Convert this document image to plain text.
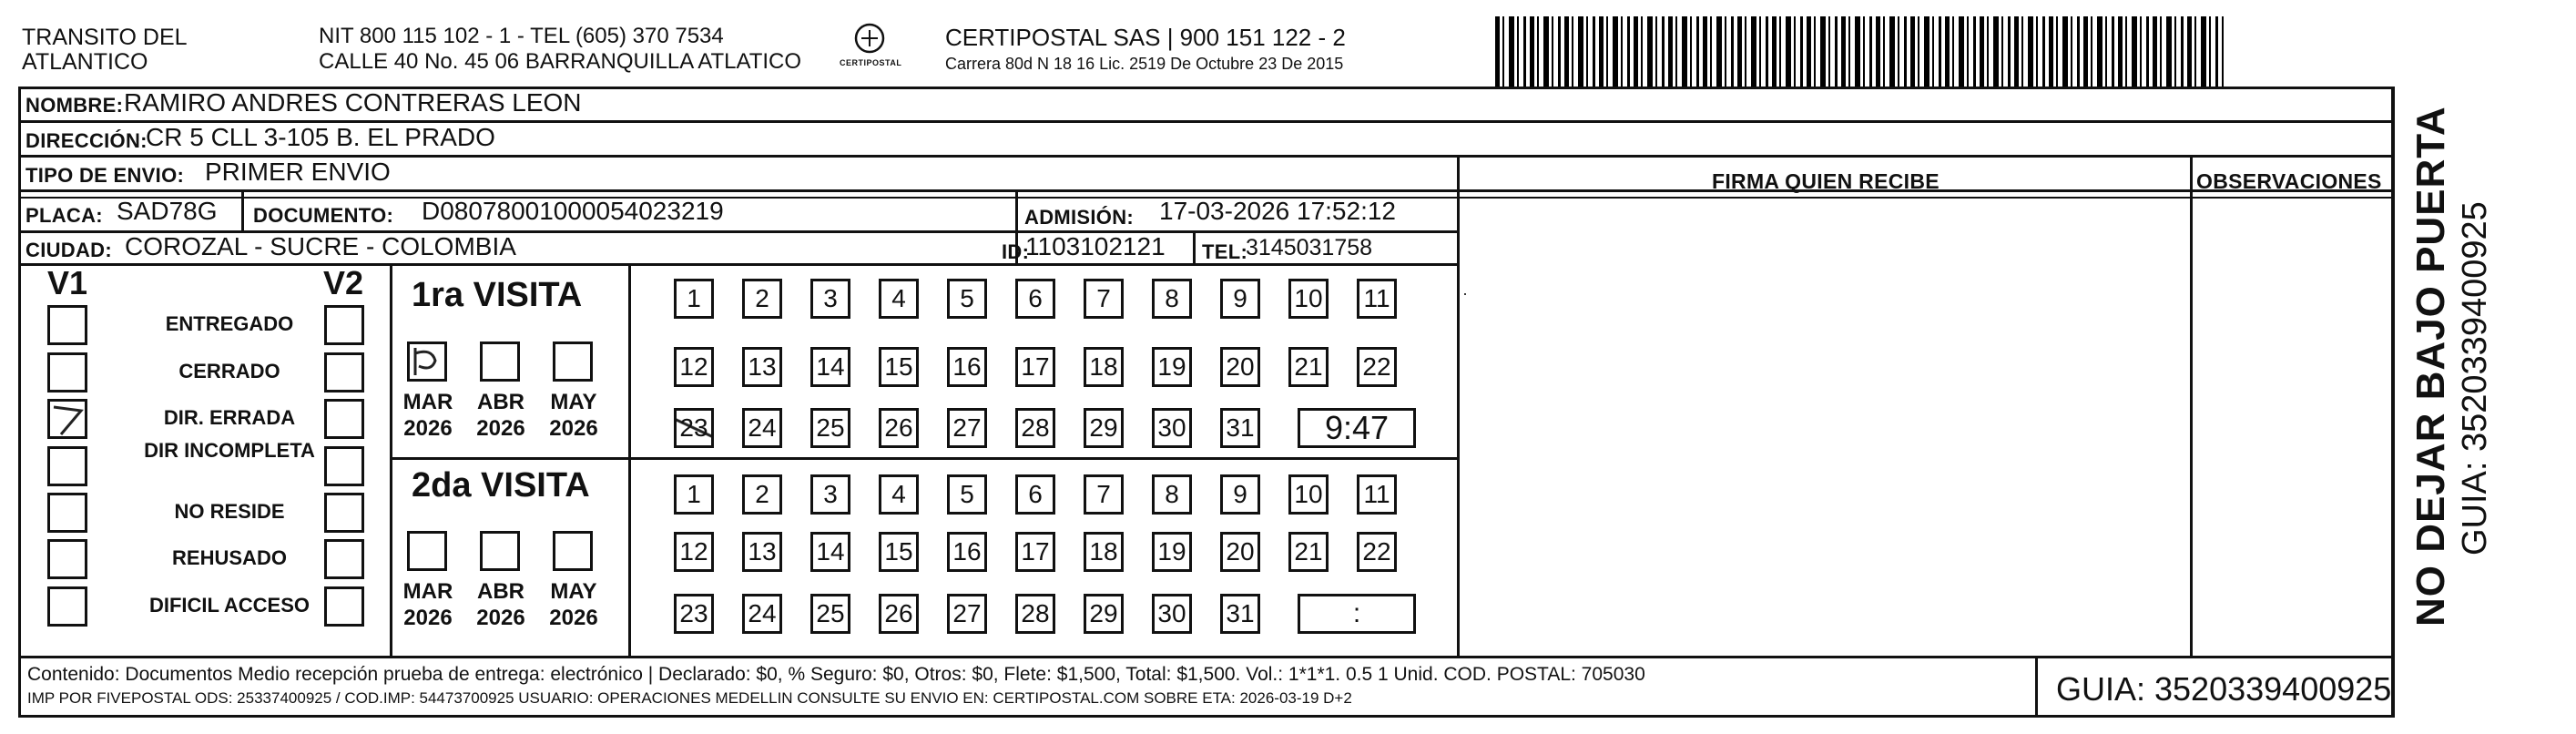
TRANSITO DEL
ATLANTICO
NIT 800 115 102 - 1 - TEL (605) 370 7534
CALLE 40 No. 45 06 BARRANQUILLA ATLATICO	CERTIPOSTAL
CERTIPOSTAL SAS | 900 151 122 - 2
Carrera 80d N 18 16 Lic. 2519 De Octubre 23 De 2015
NOMBRE: RAMIRO ANDRES CONTRERAS LEON
DIRECCIÓN:
CR 5 CLL 3-105 B. EL PRADO
TIPO DE ENVIO: PRIMER ENVIO
PLACA: SAD78G DOCUMENTO: D08078001000054023219	ADMISIÓN: 17-03-2026 17:52:12
CIUDAD: COROZAL - SUCRE - COLOMBIA	ID:
1103102121 TEL:
3145031758
FIRMA QUIEN RECIBE	OBSERVACIONES
·
V1	V2
ENTREGADO
CERRADO
DIR. ERRADA
DIR INCOMPLETA
NO RESIDE
REHUSADO
DIFICIL ACCESO
1ra VISITA
2da VISITA
MAR
2026
ABR
2026
MAY
2026
MAR
2026
ABR
2026
MAY
2026
1	2	3	4	5	6	7	8	9	10 11
12 13 14 15 16 17 18 19 20 21 22
23 24 25 26 27 28 29 30 31	9:47
1	2	3	4	5	6	7	8	9	10 11
12 13 14 15 16 17 18 19 20 21 22
23 24 25 26 27 28 29 30 31	:	NO DEJAR BAJO PUERTA GUIA: 3520339400925
Contenido: Documentos Medio recepción prueba de entrega: electrónico | Declarado: $0, % Seguro: $0, Otros: $0, Flete: $1,500, Total: $1,500. Vol.: 1*1*1. 0.5 1 Unid. COD. POSTAL: 705030
IMP POR FIVEPOSTAL ODS: 25337400925 / COD.IMP: 54473700925 USUARIO: OPERACIONES MEDELLIN CONSULTE SU ENVIO EN: CERTIPOSTAL.COM SOBRE ETA: 2026-03-19 D+2	GUIA: 3520339400925
